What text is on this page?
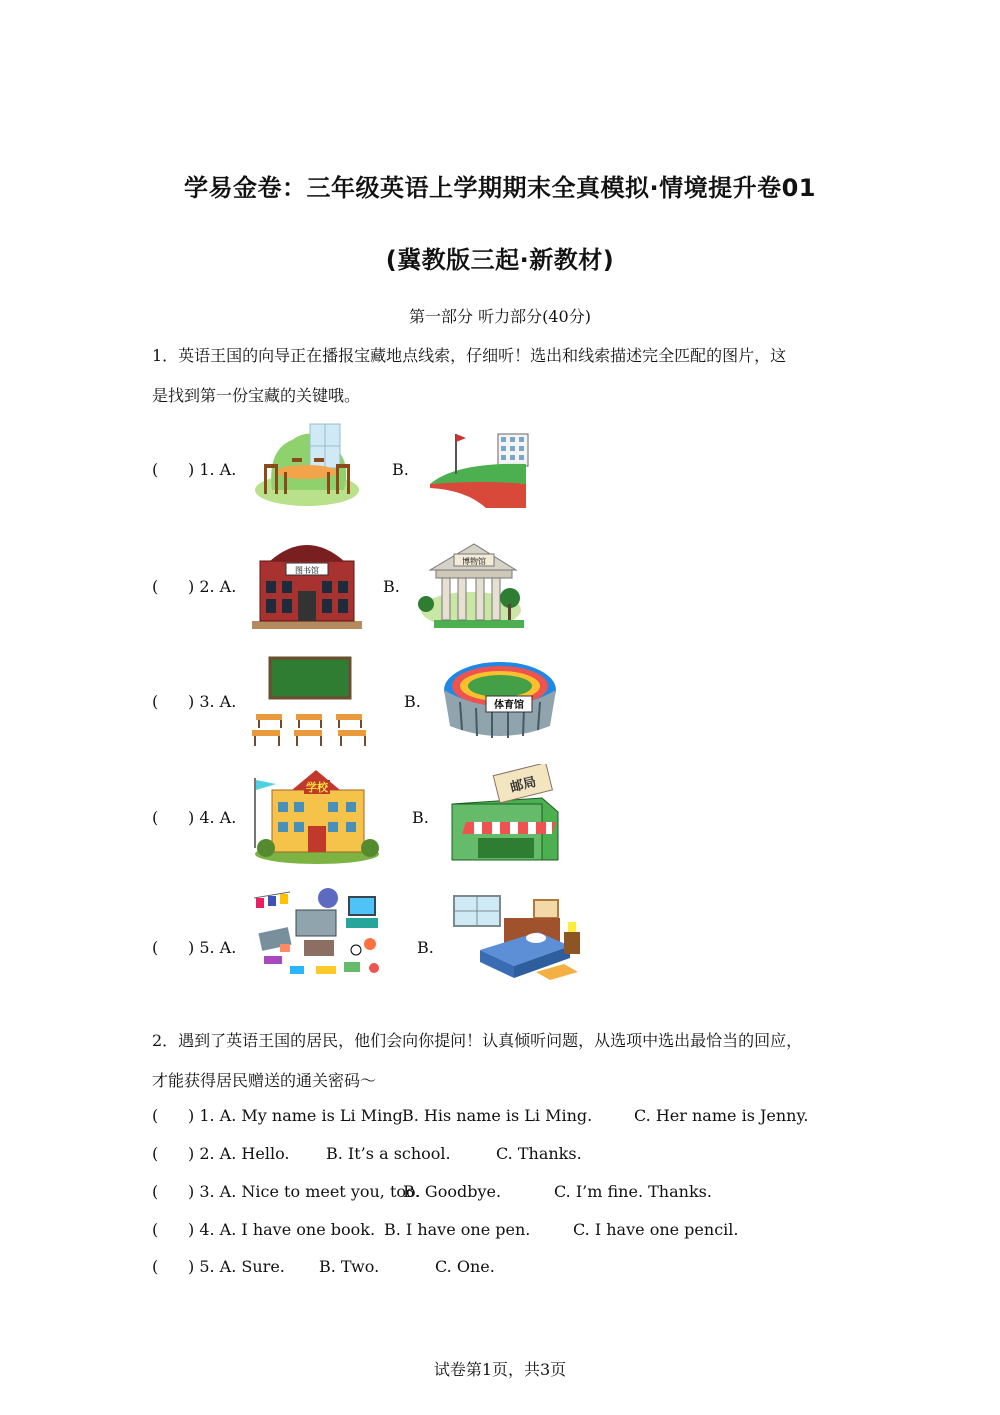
学易金卷：三年级英语上学期期末全真模拟·情境提升卷01
(冀教版三起·新教材)
第一部分 听力部分(40分)
1．英语王国的向导正在播报宝藏地点线索，仔细听！选出和线索描述完全匹配的图片，这
是找到第一份宝藏的关键哦。
( ) 1. A.	B.
( ) 2. A.	B.
图书馆
博物馆
( ) 3. A.	B.	体育馆
( ) 4. A.	B.
学校	邮局
( ) 5. A.	B.
2．遇到了英语王国的居民，他们会向你提问！认真倾听问题，从选项中选出最恰当的回应，
才能获得居民赠送的通关密码～
( ) 1. A. My name is Li Ming.
B. His name is Li Ming.	C. Her name is Jenny.
( ) 2. A. Hello. B. It’s a school.	C. Thanks.
( ) 3. A. Nice to meet you, too.
B. Goodbye.	C. I’m fine. Thanks.
( ) 4. A. I have one book. B. I have one pen.	C. I have one pencil.
( ) 5. A. Sure. B. Two.	C. One.
试卷第1页，共3页
